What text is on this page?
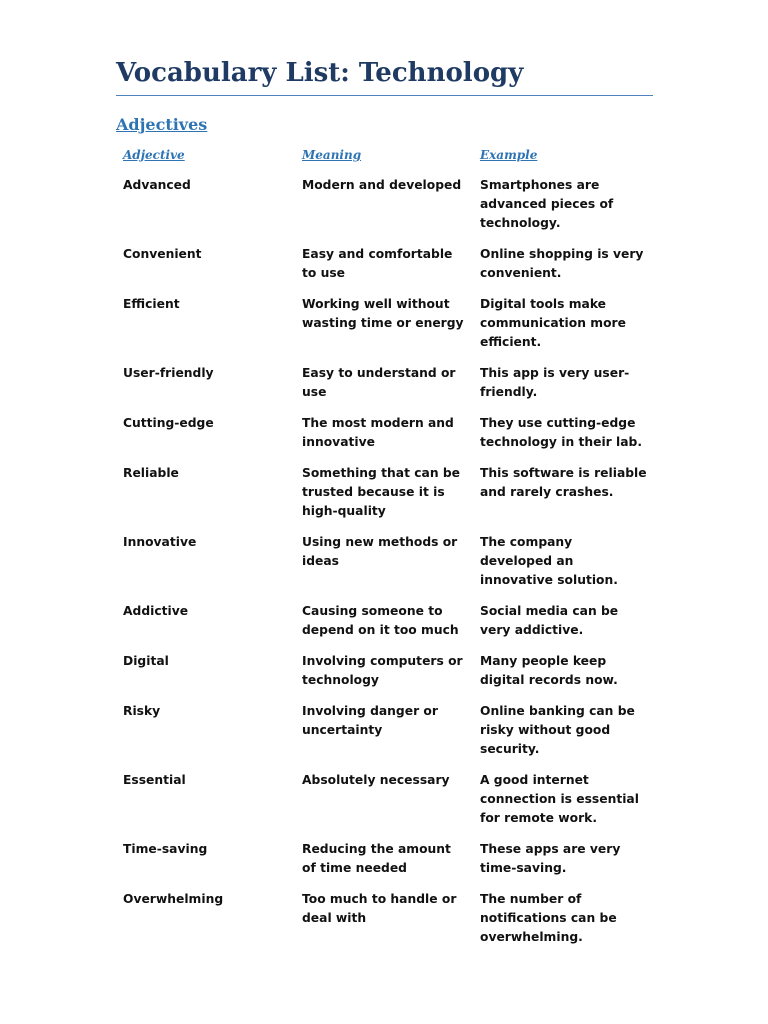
Vocabulary List: Technology
Adjectives
Adjective	Meaning	Example
Advanced	Modern and developed	Smartphones are advanced pieces of technology.
Convenient	Easy and comfortable to use	Online shopping is very convenient.
Efficient	Working well without wasting time or energy	Digital tools make communication more efficient.
User-friendly	Easy to understand or use	This app is very user-friendly.
Cutting-edge	The most modern and innovative	They use cutting-edge technology in their lab.
Reliable	Something that can be trusted because it is high-quality	This software is reliable and rarely crashes.
Innovative	Using new methods or ideas	The company developed an innovative solution.
Addictive	Causing someone to depend on it too much	Social media can be very addictive.
Digital	Involving computers or technology	Many people keep digital records now.
Risky	Involving danger or uncertainty	Online banking can be risky without good security.
Essential	Absolutely necessary	A good internet connection is essential for remote work.
Time-saving	Reducing the amount of time needed	These apps are very time-saving.
Overwhelming	Too much to handle or deal with	The number of notifications can be overwhelming.
